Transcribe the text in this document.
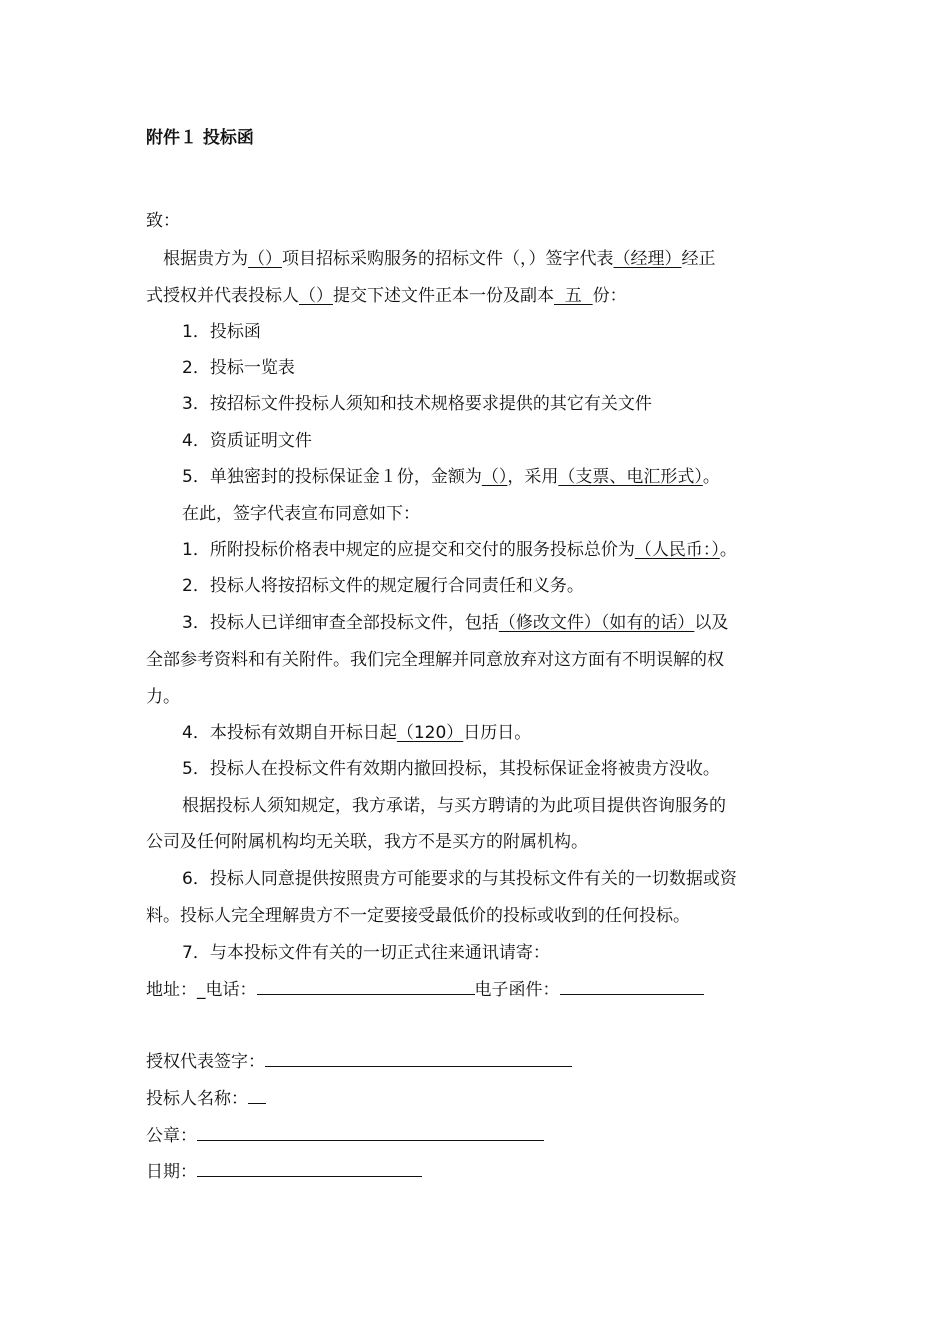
附件１ 投标函
致：
根据贵方为（）项目招标采购服务的招标文件（，）签字代表（经理）经正
式授权并代表投标人（）提交下述文件正本一份及副本  五  份：
1．投标函
2．投标一览表
3．按招标文件投标人须知和技术规格要求提供的其它有关文件
4．资质证明文件
5．单独密封的投标保证金１份，金额为（），采用（支票、电汇形式）。
在此，签字代表宣布同意如下：
1．所附投标价格表中规定的应提交和交付的服务投标总价为（人民币：）。
2．投标人将按招标文件的规定履行合同责任和义务。
3．投标人已详细审查全部投标文件，包括（修改文件）（如有的话）以及
全部参考资料和有关附件。我们完全理解并同意放弃对这方面有不明误解的权
力。
4．本投标有效期自开标日起（120）日历日。
5．投标人在投标文件有效期内撤回投标，其投标保证金将被贵方没收。
根据投标人须知规定，我方承诺，与买方聘请的为此项目提供咨询服务的
公司及任何附属机构均无关联，我方不是买方的附属机构。
6．投标人同意提供按照贵方可能要求的与其投标文件有关的一切数据或资
料。投标人完全理解贵方不一定要接受最低价的投标或收到的任何投标。
7．与本投标文件有关的一切正式往来通讯请寄：
地址：_电话：	电子函件：
授权代表签字：
投标人名称：
公章：
日期：
